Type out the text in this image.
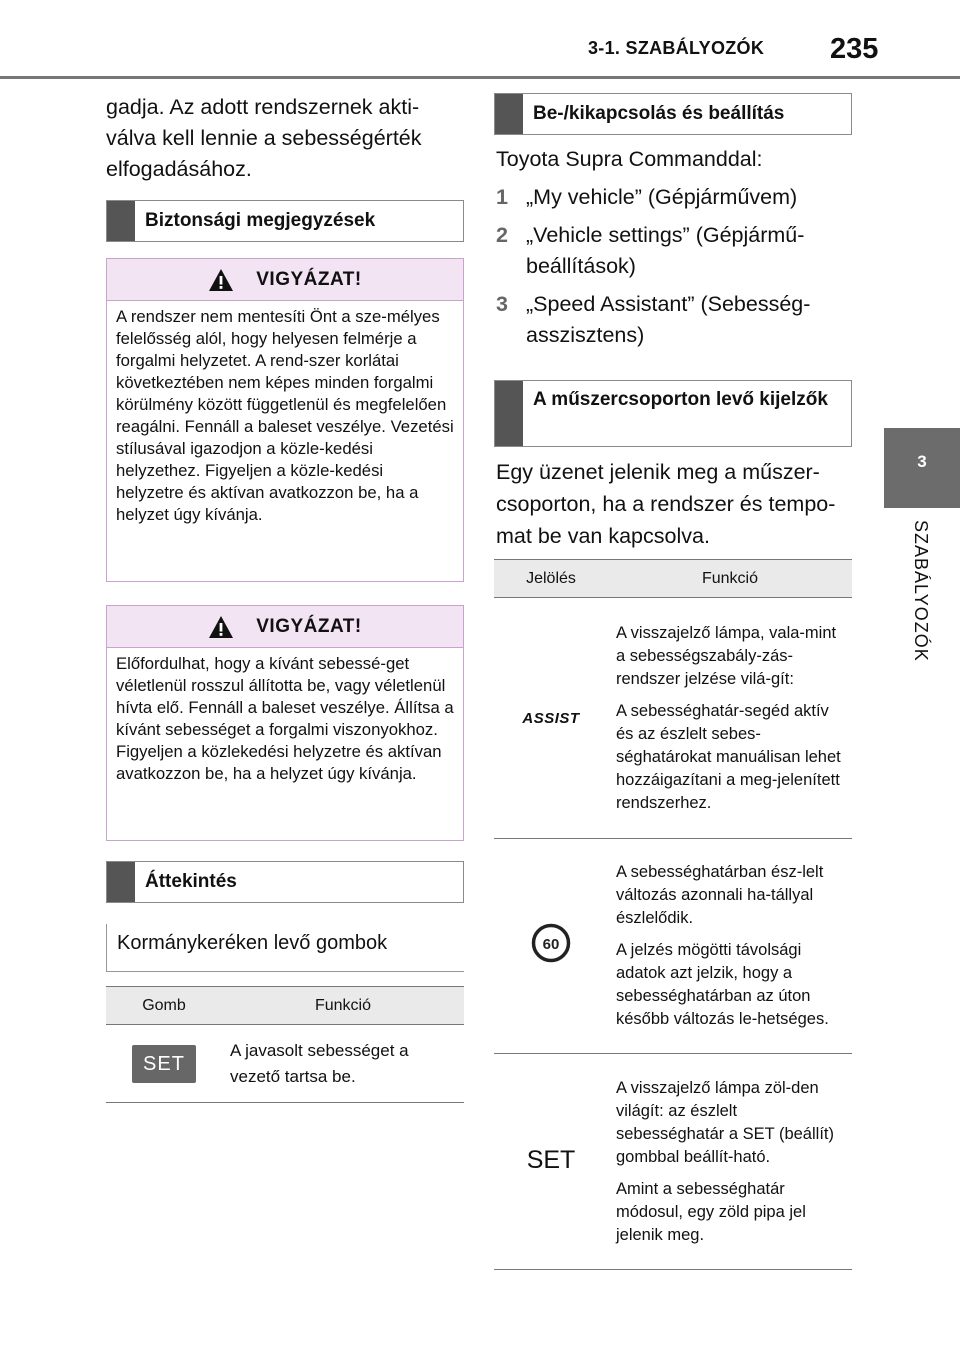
3-1. SZABÁLYOZÓK 235
3
SZABÁLYOZÓK
gadja. Az adott rendszernek akti-válva kell lennie a sebességérték elfogadásához.
Biztonsági megjegyzések
VIGYÁZAT!
A rendszer nem mentesíti Önt a sze-mélyes felelősség alól, hogy helyesen felmérje a forgalmi helyzetet. A rend-szer korlátai következtében nem képes minden forgalmi körülmény között függetlenül és megfelelően reagálni. Fennáll a baleset veszélye. Vezetési stílusával igazodjon a közle-kedési helyzethez. Figyeljen a közle-kedési helyzetre és aktívan avatkozzon be, ha a helyzet úgy kívánja.
VIGYÁZAT!
Előfordulhat, hogy a kívánt sebessé-get véletlenül rosszul állította be, vagy véletlenül hívta elő. Fennáll a baleset veszélye. Állítsa a kívánt sebességet a forgalmi viszonyokhoz. Figyeljen a közlekedési helyzetre és aktívan avatkozzon be, ha a helyzet úgy kívánja.
Áttekintés
Kormánykeréken levő gombok
Gomb	Funkció
SET	A javasolt sebességet a vezető tartsa be.
Be-/kikapcsolás és beállítás
Toyota Supra Commanddal:
1 „My vehicle” (Gépjárművem)
2 „Vehicle settings” (Gépjármű-beállítások)
3 „Speed Assistant” (Sebesség-asszisztens)
A műszercsoporton levő kijelzők
Egy üzenet jelenik meg a műszer-csoporton, ha a rendszer és tempo-mat be van kapcsolva.
Jelölés	Funkció
ASSIST	A visszajelző lámpa, vala-mint a sebességszabály-zás-rendszer jelzése vilá-gít:
A sebességhatár-segéd aktív és az észlelt sebes-séghatárokat manuálisan lehet hozzáigazítani a meg-jelenített rendszerhez.

60	A sebességhatárban ész-lelt változás azonnali ha-tállyal észlelődik.
A jelzés mögötti távolsági adatok azt jelzik, hogy a sebességhatárban az úton később változás le-hetséges.

SET	A visszajelző lámpa zöl-den világít: az észlelt sebességhatár a SET (beállít) gombbal beállít-ható.
Amint a sebességhatár módosul, egy zöld pipa jel jelenik meg.
